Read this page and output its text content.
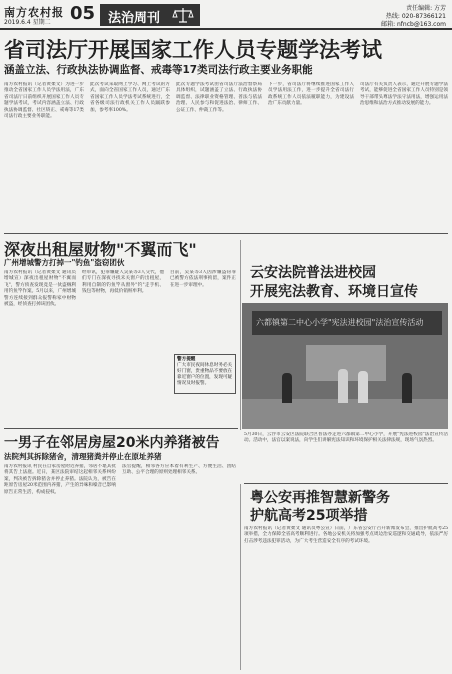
南方农村报
2019.6.4 星期二 05 法治周刊
责任编辑: 方芳
热线: 020-87366121
邮箱: nfncb@163.com
省司法厅开展国家工作人员专题学法考试
涵盖立法、行政执法协调监督、戒毒等17类司法行政主要业务职能
南方农村报讯（记者黄柔文）为进一步推动全省国家工作人员学法用法，广东省司法厅日前组织开展国家工作人员专题学法考试，考试内容涵盖立法、行政执法协调监督、社区矫正、戒毒等17类司法行政主要业务职能。
此次考试采取网上学习、网上考试的方式，面向全省国家工作人员，通过广东省国家工作人员学法考试系统进行，全省各级司法行政机关工作人员踊跃参加，参考率100%。
此次专题学法考试由省司法厅法治督察局具体组织，试题涵盖了立法、行政执法协调监督、法律职业资格管理、普法与依法治理、人民参与和促进法治、律师工作、公证工作、仲裁工作等。
下一步，省司法厅将继续推进国家工作人员学法用法工作，进一步提升全省司法行政系统工作人员依法履职能力，为建设法治广东贡献力量。
司法厅有关负责人表示，通过开展专题学法考试，能够促进全省国家工作人员特别是领导干部带头尊法学法守法用法，增强运用法治思维和法治方式推动发展的能力。
深夜出租屋财物"不翼而飞"
广州增城警方打掉一"钓鱼"盗窃团伙
南方农村报讯（记者黄柔文 通讯员增城宣）深夜出租屋财物"不翼而飞"，警方侦查发现竟是一伙盗贼利用钓鱼竿作案。5月以来，广州增城警方连续接到群众报警称家中财物被盗，经侦查打掉该团伙。
经审讯，犯罪嫌疑人吴某等3人交代，他们专门在深夜寻找未关窗户的出租屋，利用自制的钓鱼竿从窗外"钓"走手机、钱包等财物，再低价销赃牟利。
目前，吴某等3人因涉嫌盗窃罪已被警方依法刑事拘留，案件正在进一步审理中。
警方提醒
广大市民夜间休息时务必关好门窗，贵重物品不要放在靠近窗户的位置，发现可疑情况及时报警。
云安法院普法进校园
开展宪法教育、环境日宣传
六都镇第二中心小学"宪法进校园"法治宣传活动
5月30日，云浮市云安区法院联合区普法办走进六都镇第二中心小学，开展"宪法进校园"法治宣传活动。活动中，法官以案说法，向学生们讲解宪法知识和环境保护相关法律法规，现场气氛热烈。
一男子在邻居房屋20米内养猪被告
法院判其拆除猪舍，清理猪粪并停止在原址养猪
南方农村报讯 村民在自家房屋附近养猪，邻居不堪其扰将其告上法庭。近日，某区法院审结这起相邻关系纠纷案，判决被告拆除猪舍并停止养猪。法院认为，被告在距原告房屋20米范围内养猪，产生的异味和噪音已影响原告正常生活，构成侵权。
法官提醒，相邻各方应本着有利生产、方便生活、团结互助、公平合理的原则处理相邻关系。
粤公安再推智慧新警务
护航高考25项举措
南方农村报讯（记者黄柔文 通讯员粤公宣）日前，广东省公安厅召开新闻发布会，推出护航高考25项举措，全力保障全省高考顺利进行。各地公安机关将加强考点周边治安巡逻和交通疏导，依法严厉打击涉考违法犯罪活动，为广大考生营造安全有序的考试环境。
